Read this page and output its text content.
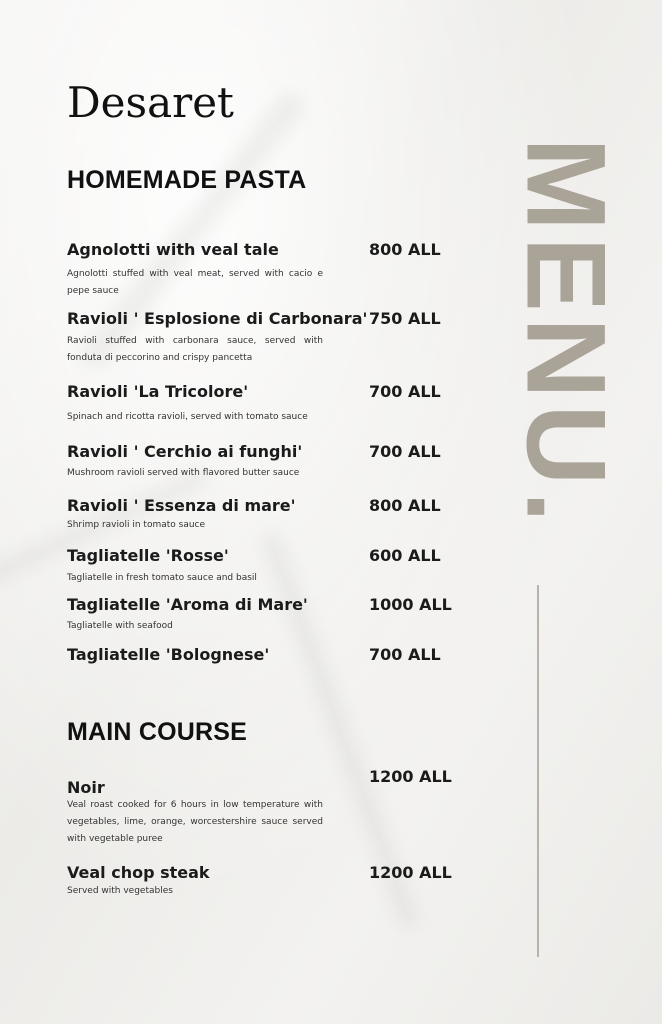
Desaret
HOMEMADE PASTA

Agnolotti with veal tale	800 ALL

Agnolotti stuffed with veal meat, served with cacio e pepe sauce

Ravioli ' Esplosione di Carbonara' 750 ALL

Ravioli stuffed with carbonara sauce, served with fonduta di peccorino and crispy pancetta

Ravioli 'La Tricolore'	700 ALL

Spinach and ricotta ravioli, served with tomato sauce

Ravioli ' Cerchio ai funghi'	700 ALL

Mushroom ravioli served with flavored butter sauce

Ravioli ' Essenza di mare'	800 ALL

Shrimp ravioli in tomato sauce

Tagliatelle 'Rosse'	600 ALL

Tagliatelle in fresh tomato sauce and basil

Tagliatelle 'Aroma di Mare'	1000 ALL

Tagliatelle with seafood

Tagliatelle 'Bolognese'	700 ALL

MAIN COURSE

Noir

1200 ALL

Veal roast cooked for 6 hours in low temperature with vegetables, lime, orange, worcestershire sauce served with vegetable puree

Veal chop steak	1200 ALL

Served with vegetables

MENU.
